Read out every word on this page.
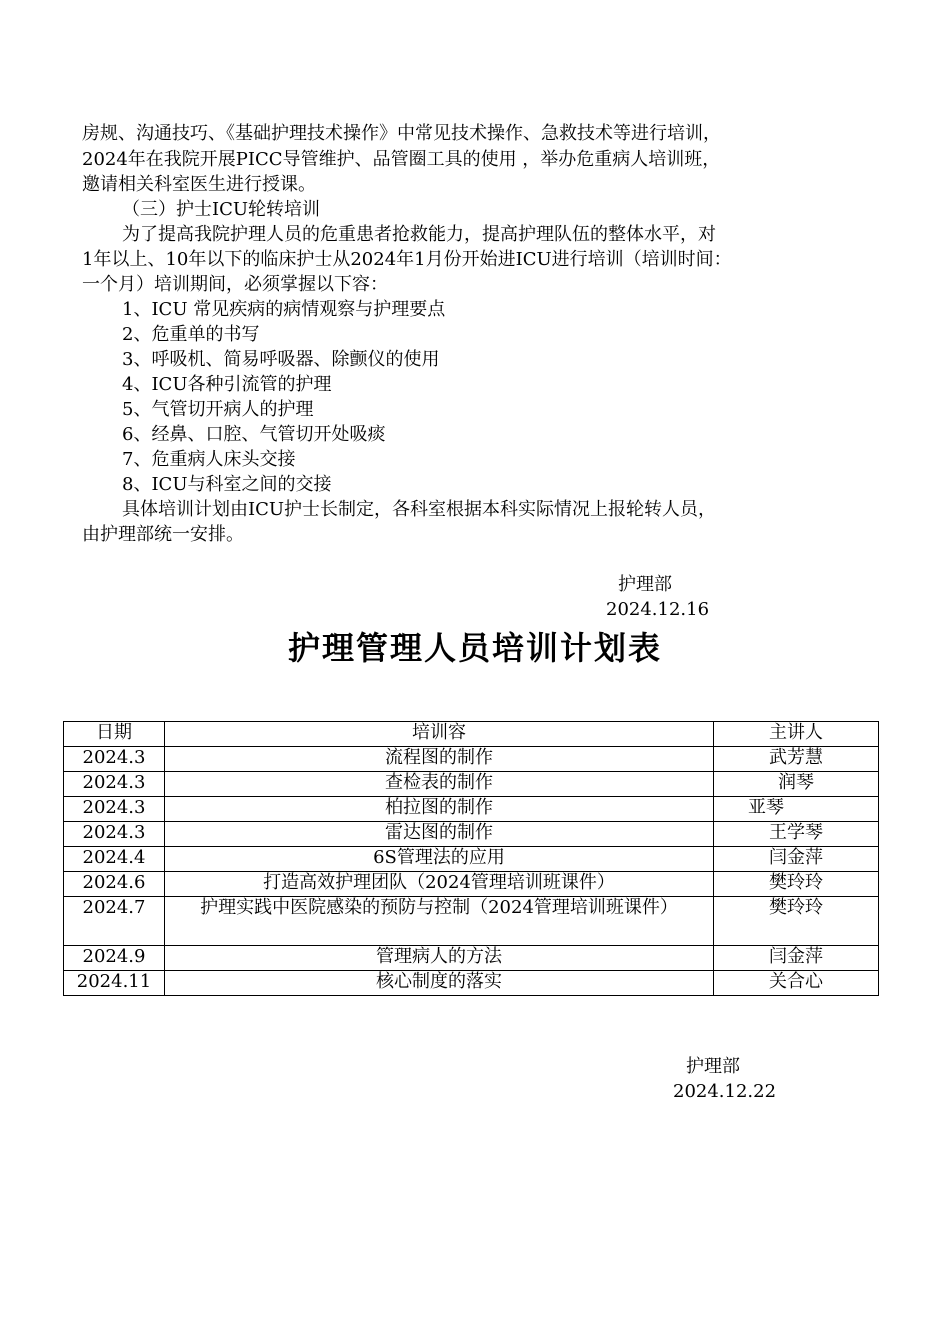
房规、沟通技巧、《基础护理技术操作》中常见技术操作、急救技术等进行培训，
2024年在我院开展PICC导管维护、品管圈工具的使用 ，举办危重病人培训班，
邀请相关科室医生进行授课。
（三）护士ICU轮转培训
为了提高我院护理人员的危重患者抢救能力，提高护理队伍的整体水平，对
1年以上、10年以下的临床护士从2024年1月份开始进ICU进行培训（培训时间：
一个月）培训期间，必须掌握以下容：
1、ICU 常见疾病的病情观察与护理要点
2、危重单的书写
3、呼吸机、简易呼吸器、除颤仪的使用
4、ICU各种引流管的护理
5、气管切开病人的护理
6、经鼻、口腔、气管切开处吸痰
7、危重病人床头交接
8、ICU与科室之间的交接
具体培训计划由ICU护士长制定，各科室根据本科实际情况上报轮转人员，
由护理部统一安排。
护理部
2024.12.16
护理管理人员培训计划表
日期	培训容	主讲人
2024.3	流程图的制作	武芳慧
2024.3	查检表的制作	润琴
2024.3	柏拉图的制作	亚琴
2024.3	雷达图的制作	王学琴
2024.4	6S管理法的应用	闫金萍
2024.6	打造高效护理团队（2024管理培训班课件）	樊玲玲
2024.7	护理实践中医院感染的预防与控制（2024管理培训班课件）	樊玲玲
2024.9	管理病人的方法	闫金萍
2024.11	核心制度的落实	关合心
护理部
2024.12.22
